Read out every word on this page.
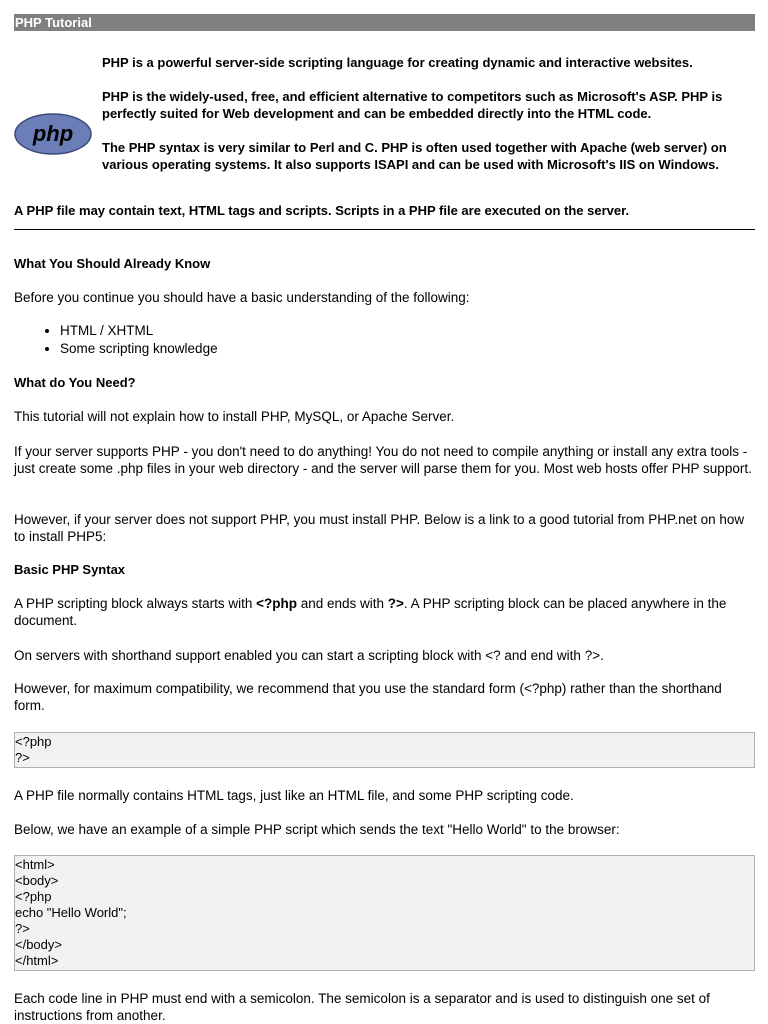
PHP Tutorial
php

PHP is a powerful server-side scripting language for creating dynamic and interactive websites.

PHP is the widely-used, free, and efficient alternative to competitors such as Microsoft's ASP. PHP is perfectly suited for Web development and can be embedded directly into the HTML code.

The PHP syntax is very similar to Perl and C. PHP is often used together with Apache (web server) on various operating systems. It also supports ISAPI and can be used with Microsoft's IIS on Windows.

A PHP file may contain text, HTML tags and scripts. Scripts in a PHP file are executed on the server.

What You Should Already Know

Before you continue you should have a basic understanding of the following:

• HTML / XHTML
• Some scripting knowledge

What do You Need?

This tutorial will not explain how to install PHP, MySQL, or Apache Server.

If your server supports PHP - you don't need to do anything! You do not need to compile anything or install any extra tools - just create some .php files in your web directory - and the server will parse them for you. Most web hosts offer PHP support.

However, if your server does not support PHP, you must install PHP. Below is a link to a good tutorial from PHP.net on how to install PHP5:

Basic PHP Syntax

A PHP scripting block always starts with <?php and ends with ?>. A PHP scripting block can be placed anywhere in the document.

On servers with shorthand support enabled you can start a scripting block with <? and end with ?>.

However, for maximum compatibility, we recommend that you use the standard form (<?php) rather than the shorthand form.

<?php
?>

A PHP file normally contains HTML tags, just like an HTML file, and some PHP scripting code.

Below, we have an example of a simple PHP script which sends the text "Hello World" to the browser:

<html>
<body>
<?php
echo "Hello World";
?>
</body>
</html>

Each code line in PHP must end with a semicolon. The semicolon is a separator and is used to distinguish one set of instructions from another.
